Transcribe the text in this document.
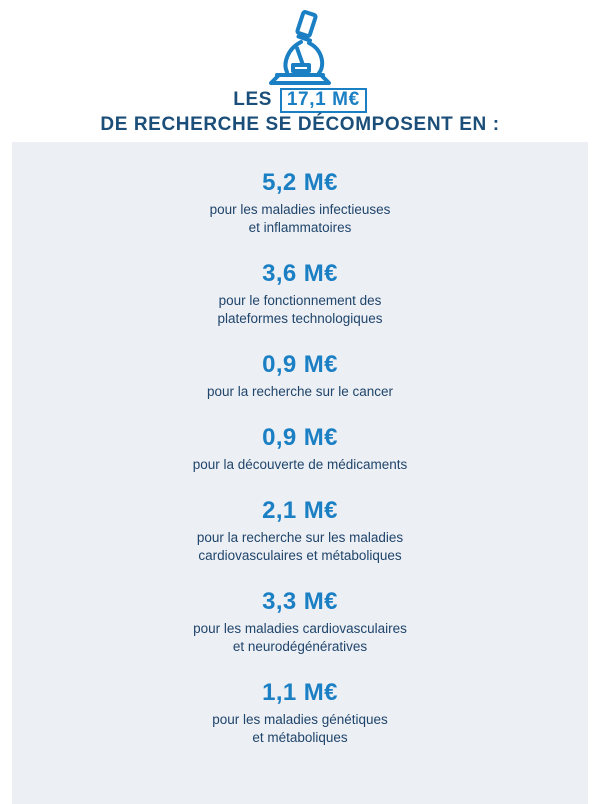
LES 17,1 M€
DE RECHERCHE SE DÉCOMPOSENT EN :
5,2 M€
pour les maladies infectieuses
et inflammatoires
3,6 M€
pour le fonctionnement des
plateformes technologiques
0,9 M€
pour la recherche sur le cancer
0,9 M€
pour la découverte de médicaments
2,1 M€
pour la recherche sur les maladies
cardiovasculaires et métaboliques
3,3 M€
pour les maladies cardiovasculaires
et neurodégénératives
1,1 M€
pour les maladies génétiques
et métaboliques
